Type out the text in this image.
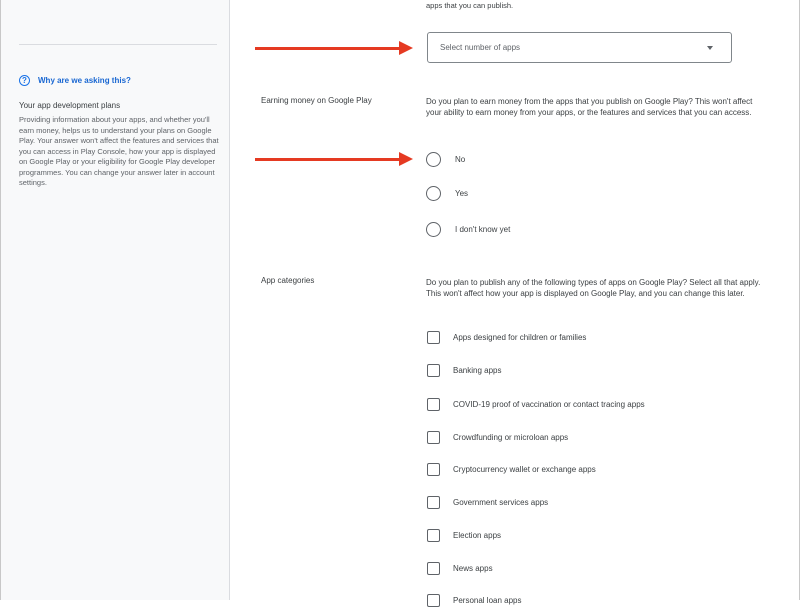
?	Why are we asking this?
Your app development plans
Providing information about your apps, and whether you'll earn money, helps us to understand your plans on Google Play. Your answer won't affect the features and services that you can access in Play Console, how your app is displayed on Google Play or your eligibility for Google Play developer programmes. You can change your answer later in account settings.
apps that you can publish.
Select number of apps
Earning money on Google Play	Do you plan to earn money from the apps that you publish on Google Play? This won't affect your ability to earn money from your apps, or the features and services that you can access.
No
Yes
I don't know yet
App categories	Do you plan to publish any of the following types of apps on Google Play? Select all that apply. This won't affect how your app is displayed on Google Play, and you can change this later.
Apps designed for children or families
Banking apps
COVID-19 proof of vaccination or contact tracing apps
Crowdfunding or microloan apps
Cryptocurrency wallet or exchange apps
Government services apps
Election apps
News apps
Personal loan apps
